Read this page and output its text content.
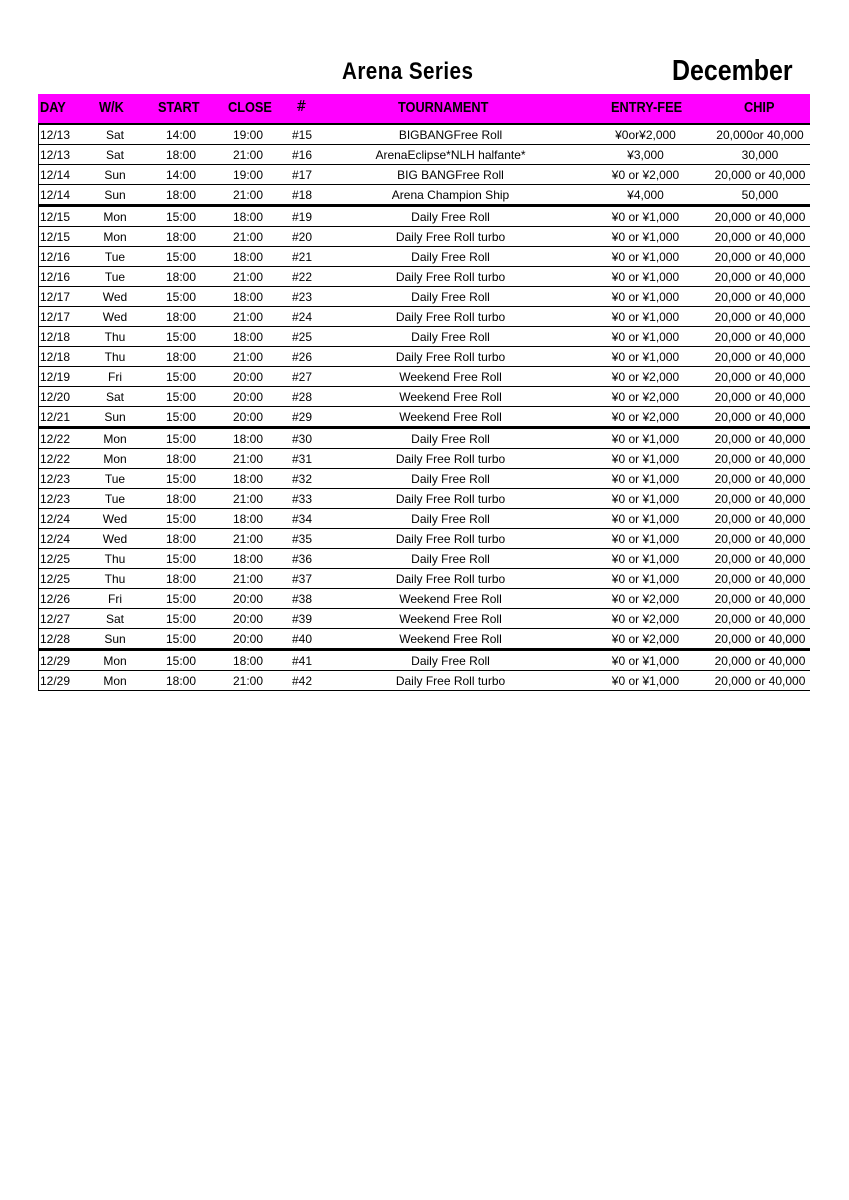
Arena Series	December
DAY W/K START CLOSE #	TOURNAMENT	ENTRY-FEE	CHIP
12/13	Sat	14:00	19:00	#15	BIGBANGFree Roll	¥0or¥2,000	20,000or 40,000
12/13	Sat	18:00	21:00	#16	ArenaEclipse*NLH halfante*	¥3,000	30,000
12/14	Sun	14:00	19:00	#17	BIG BANGFree Roll	¥0 or ¥2,000	20,000 or 40,000
12/14	Sun	18:00	21:00	#18	Arena Champion Ship	¥4,000	50,000
12/15	Mon	15:00	18:00	#19	Daily Free Roll	¥0 or ¥1,000	20,000 or 40,000
12/15	Mon	18:00	21:00	#20	Daily Free Roll turbo	¥0 or ¥1,000	20,000 or 40,000
12/16	Tue	15:00	18:00	#21	Daily Free Roll	¥0 or ¥1,000	20,000 or 40,000
12/16	Tue	18:00	21:00	#22	Daily Free Roll turbo	¥0 or ¥1,000	20,000 or 40,000
12/17	Wed	15:00	18:00	#23	Daily Free Roll	¥0 or ¥1,000	20,000 or 40,000
12/17	Wed	18:00	21:00	#24	Daily Free Roll turbo	¥0 or ¥1,000	20,000 or 40,000
12/18	Thu	15:00	18:00	#25	Daily Free Roll	¥0 or ¥1,000	20,000 or 40,000
12/18	Thu	18:00	21:00	#26	Daily Free Roll turbo	¥0 or ¥1,000	20,000 or 40,000
12/19	Fri	15:00	20:00	#27	Weekend Free Roll	¥0 or ¥2,000	20,000 or 40,000
12/20	Sat	15:00	20:00	#28	Weekend Free Roll	¥0 or ¥2,000	20,000 or 40,000
12/21	Sun	15:00	20:00	#29	Weekend Free Roll	¥0 or ¥2,000	20,000 or 40,000
12/22	Mon	15:00	18:00	#30	Daily Free Roll	¥0 or ¥1,000	20,000 or 40,000
12/22	Mon	18:00	21:00	#31	Daily Free Roll turbo	¥0 or ¥1,000	20,000 or 40,000
12/23	Tue	15:00	18:00	#32	Daily Free Roll	¥0 or ¥1,000	20,000 or 40,000
12/23	Tue	18:00	21:00	#33	Daily Free Roll turbo	¥0 or ¥1,000	20,000 or 40,000
12/24	Wed	15:00	18:00	#34	Daily Free Roll	¥0 or ¥1,000	20,000 or 40,000
12/24	Wed	18:00	21:00	#35	Daily Free Roll turbo	¥0 or ¥1,000	20,000 or 40,000
12/25	Thu	15:00	18:00	#36	Daily Free Roll	¥0 or ¥1,000	20,000 or 40,000
12/25	Thu	18:00	21:00	#37	Daily Free Roll turbo	¥0 or ¥1,000	20,000 or 40,000
12/26	Fri	15:00	20:00	#38	Weekend Free Roll	¥0 or ¥2,000	20,000 or 40,000
12/27	Sat	15:00	20:00	#39	Weekend Free Roll	¥0 or ¥2,000	20,000 or 40,000
12/28	Sun	15:00	20:00	#40	Weekend Free Roll	¥0 or ¥2,000	20,000 or 40,000
12/29	Mon	15:00	18:00	#41	Daily Free Roll	¥0 or ¥1,000	20,000 or 40,000
12/29	Mon	18:00	21:00	#42	Daily Free Roll turbo	¥0 or ¥1,000	20,000 or 40,000
